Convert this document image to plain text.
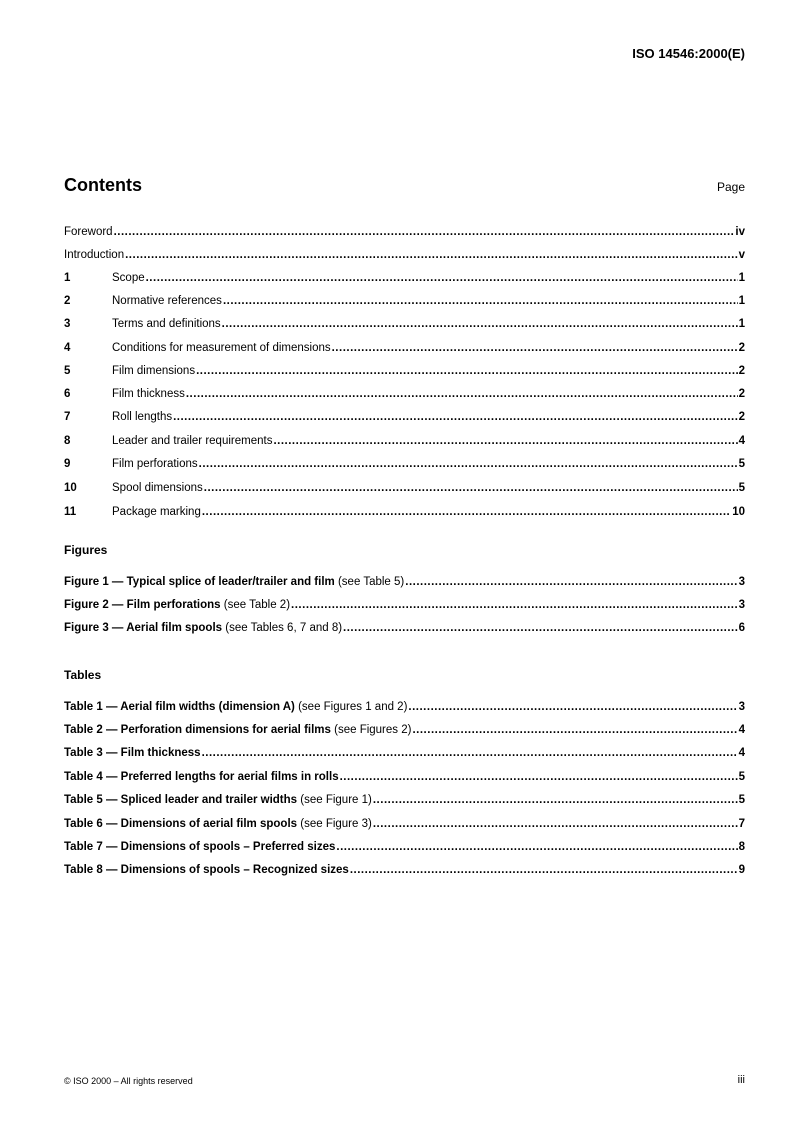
ISO 14546:2000(E)
Contents	Page
Foreword .....	iv
Introduction .....	v
1	Scope .....	1
2	Normative references .....	1
3	Terms and definitions .....	1
4	Conditions for measurement of dimensions .....	2
5	Film dimensions .....	2
6	Film thickness .....	2
7	Roll lengths .....	2
8	Leader and trailer requirements .....	4
9	Film perforations .....	5
10	Spool dimensions .....	5
11	Package marking .....	10
Figures
Figure 1 — Typical splice of leader/trailer and film (see Table 5) .....	3
Figure 2 — Film perforations (see Table 2) .....	3
Figure 3 — Aerial film spools (see Tables 6, 7 and 8) .....	6
Tables
Table 1 — Aerial film widths (dimension A) (see Figures 1 and 2) .....	3
Table 2 — Perforation dimensions for aerial films (see Figures 2) .....	4
Table 3 — Film thickness .....	4
Table 4 — Preferred lengths for aerial films in rolls .....	5
Table 5 — Spliced leader and trailer widths (see Figure 1) .....	5
Table 6 — Dimensions of aerial film spools (see Figure 3) .....	7
Table 7 — Dimensions of spools – Preferred sizes .....	8
Table 8 — Dimensions of spools – Recognized sizes .....	9
© ISO 2000 – All rights reserved	iii
